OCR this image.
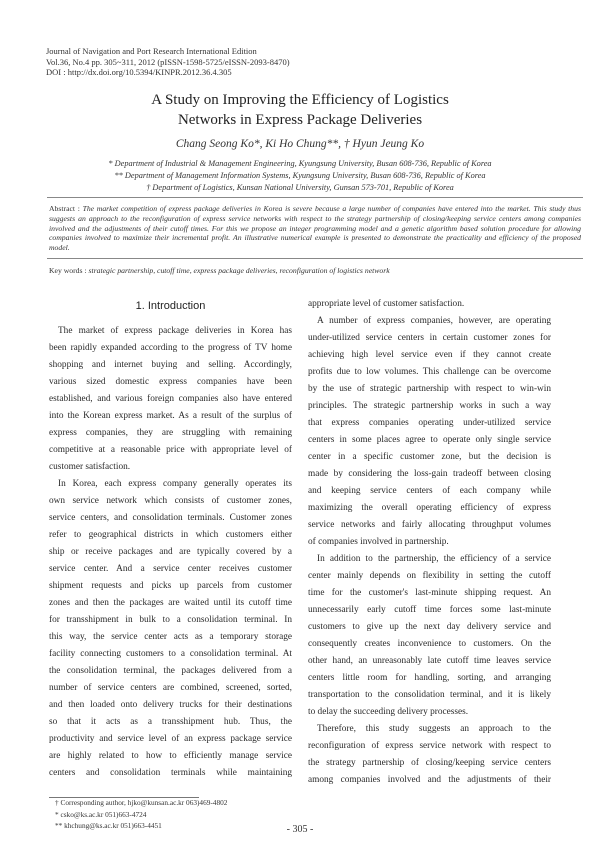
Journal of Navigation and Port Research International Edition
Vol.36, No.4 pp. 305~311, 2012 (pISSN-1598-5725/eISSN-2093-8470)
DOI : http://dx.doi.org/10.5394/KINPR.2012.36.4.305
A Study on Improving the Efficiency of Logistics
Networks in Express Package Deliveries
Chang Seong Ko*, Ki Ho Chung**, † Hyun Jeung Ko
* Department of Industrial & Management Engineering, Kyungsung University, Busan 608-736, Republic of Korea
** Department of Management Information Systems, Kyungsung University, Busan 608-736, Republic of Korea
† Department of Logistics, Kunsan National University, Gunsan 573-701, Republic of Korea
Abstract : The market competition of express package deliveries in Korea is severe because a large number of companies have entered into the market. This study thus suggests an approach to the reconfiguration of express service networks with respect to the strategy partnership of closing/keeping service centers among companies involved and the adjustments of their cutoff times. For this we propose an integer programming model and a genetic algorithm based solution procedure for allowing companies involved to maximize their incremental profit. An illustrative numerical example is presented to demonstrate the practicality and efficiency of the proposed model.
Key words : strategic partnership, cutoff time, express package deliveries, reconfiguration of logistics network
1. Introduction
The market of express package deliveries in Korea has
been rapidly expanded according to the progress of TV home
shopping and internet buying and selling. Accordingly,
various sized domestic express companies have been
established, and various foreign companies also have entered
into the Korean express market. As a result of the surplus of
express companies, they are struggling with remaining
competitive at a reasonable price with appropriate level of
customer satisfaction.
In Korea, each express company generally operates its
own service network which consists of customer zones,
service centers, and consolidation terminals. Customer zones
refer to geographical districts in which customers either
ship or receive packages and are typically covered by a
service center. And a service center receives customer
shipment requests and picks up parcels from customer
zones and then the packages are waited until its cutoff time
for transshipment in bulk to a consolidation terminal. In
this way, the service center acts as a temporary storage
facility connecting customers to a consolidation terminal. At
the consolidation terminal, the packages delivered from a
number of service centers are combined, screened, sorted,
and then loaded onto delivery trucks for their destinations
so that it acts as a transshipment hub. Thus, the
productivity and service level of an express package service
are highly related to how to efficiently manage service
centers and consolidation terminals while maintaining
appropriate level of customer satisfaction.
A number of express companies, however, are operating
under-utilized service centers in certain customer zones for
achieving high level service even if they cannot create
profits due to low volumes. This challenge can be overcome
by the use of strategic partnership with respect to win-win
principles. The strategic partnership works in such a way
that express companies operating under-utilized service
centers in some places agree to operate only single service
center in a specific customer zone, but the decision is
made by considering the loss-gain tradeoff between closing
and keeping service centers of each company while
maximizing the overall operating efficiency of express
service networks and fairly allocating throughput volumes
of companies involved in partnership.
In addition to the partnership, the efficiency of a service
center mainly depends on flexibility in setting the cutoff
time for the customer's last-minute shipping request. An
unnecessarily early cutoff time forces some last-minute
customers to give up the next day delivery service and
consequently creates inconvenience to customers. On the
other hand, an unreasonably late cutoff time leaves service
centers little room for handling, sorting, and arranging
transportation to the consolidation terminal, and it is likely
to delay the succeeding delivery processes.
Therefore, this study suggests an approach to the
reconfiguration of express service network with respect to
the strategy partnership of closing/keeping service centers
among companies involved and the adjustments of their
† Corresponding author, hjko@kunsan.ac.kr 063)469-4802
* csko@ks.ac.kr 051)663-4724
** khchung@ks.ac.kr 051)663-4451	- 305 -
